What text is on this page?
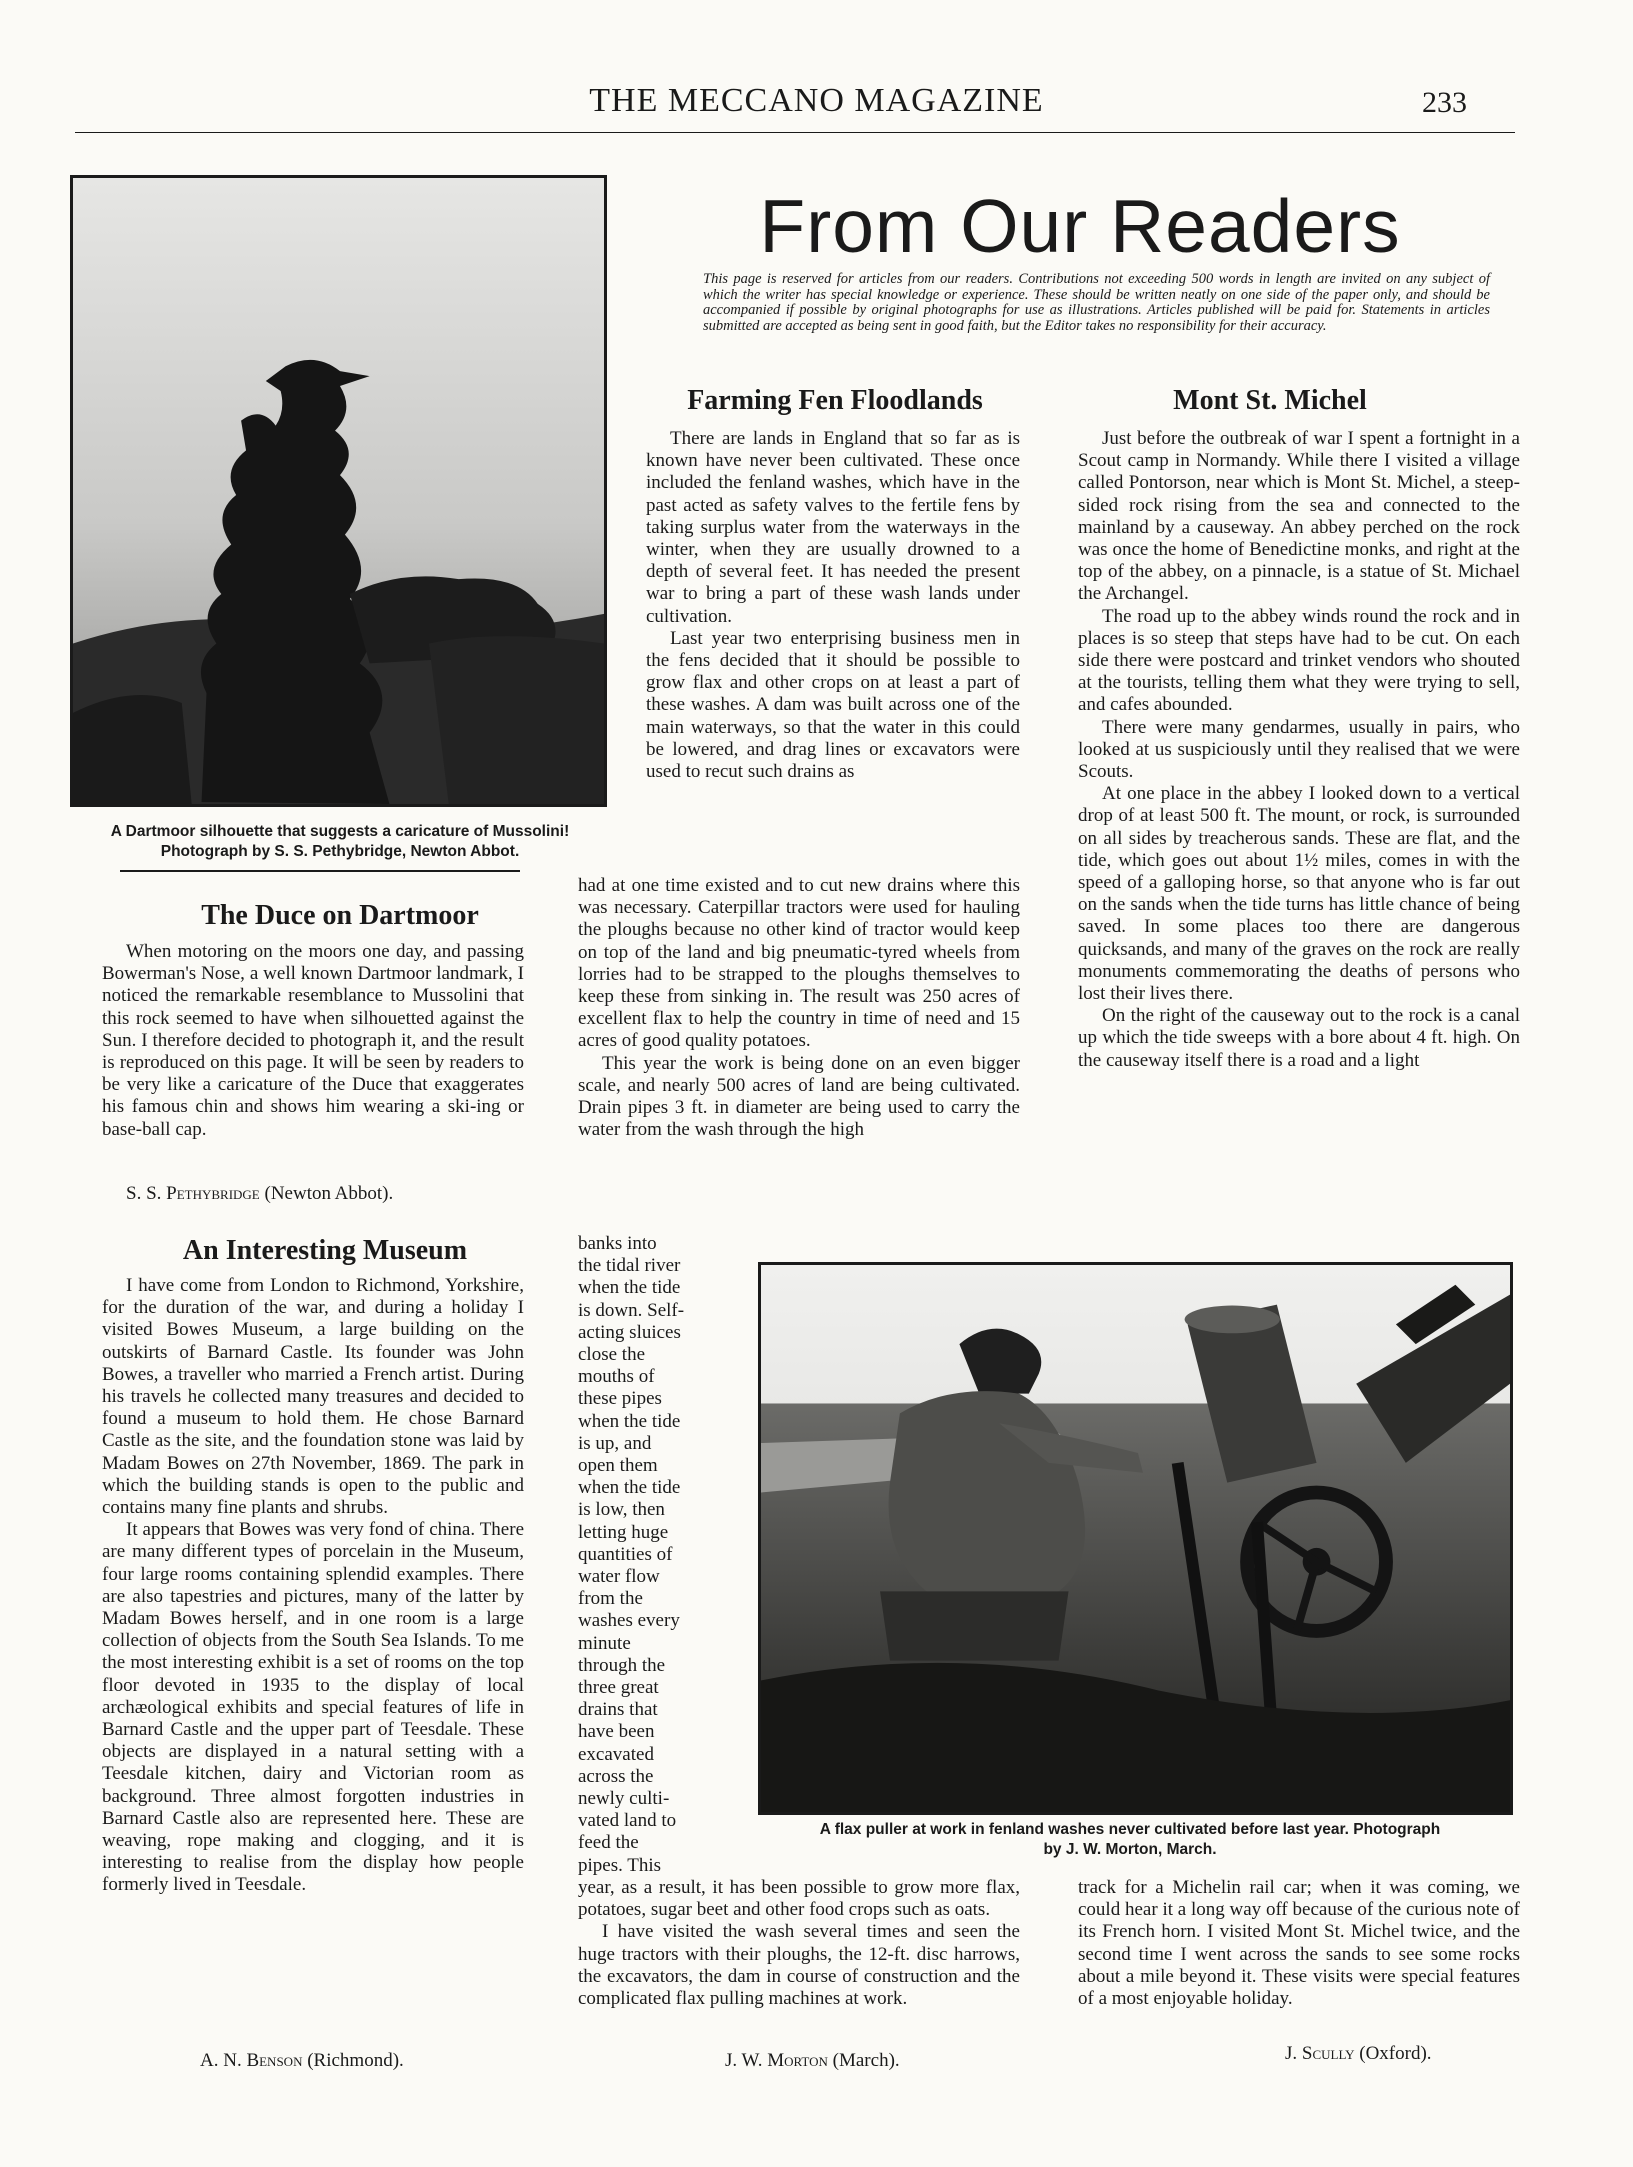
THE MECCANO MAGAZINE	233
A Dartmoor silhouette that suggests a caricature of Mussolini!
Photograph by S. S. Pethybridge, Newton Abbot.
From Our Readers
This page is reserved for articles from our readers. Contributions not exceeding 500 words in length are invited on any subject of which the writer has special knowledge or experience. These should be written neatly on one side of the paper only, and should be accompanied if possible by original photographs for use as illustrations. Articles published will be paid for. Statements in articles submitted are accepted as being sent in good faith, but the Editor takes no responsibility for their accuracy.
The Duce on Dartmoor

When motoring on the moors one day, and passing Bowerman's Nose, a well known Dartmoor landmark, I noticed the remarkable resemblance to Mussolini that this rock seemed to have when silhouetted against the Sun. I therefore decided to photograph it, and the result is reproduced on this page. It will be seen by readers to be very like a caricature of the Duce that exaggerates his famous chin and shows him wearing a ski-ing or base-ball cap.

S. S. Pethybridge (Newton Abbot).
An Interesting Museum

I have come from London to Richmond, Yorkshire, for the duration of the war, and during a holiday I visited Bowes Museum, a large building on the outskirts of Barnard Castle. Its founder was John Bowes, a traveller who married a French artist. During his travels he collected many treasures and decided to found a museum to hold them. He chose Barnard Castle as the site, and the foundation stone was laid by Madam Bowes on 27th November, 1869. The park in which the building stands is open to the public and contains many fine plants and shrubs.

It appears that Bowes was very fond of china. There are many different types of porcelain in the Museum, four large rooms containing splendid examples. There are also tapestries and pictures, many of the latter by Madam Bowes herself, and in one room is a large collection of objects from the South Sea Islands. To me the most interesting exhibit is a set of rooms on the top floor devoted in 1935 to the display of local archæological exhibits and special features of life in Barnard Castle and the upper part of Teesdale. These objects are displayed in a natural setting with a Teesdale kitchen, dairy and Victorian room as background. Three almost forgotten industries in Barnard Castle also are represented here. These are weaving, rope making and clogging, and it is interesting to realise from the display how people formerly lived in Teesdale.

A. N. Benson (Richmond).
Farming Fen Floodlands

There are lands in England that so far as is known have never been cultivated. These once included the fenland washes, which have in the past acted as safety valves to the fertile fens by taking surplus water from the waterways in the winter, when they are usually drowned to a depth of several feet. It has needed the present war to bring a part of these wash lands under cultivation.

Last year two enterprising business men in the fens decided that it should be possible to grow flax and other crops on at least a part of these washes. A dam was built across one of the main waterways, so that the water in this could be lowered, and drag lines or excavators were used to recut such drains as

had at one time existed and to cut new drains where this was necessary. Caterpillar tractors were used for hauling the ploughs because no other kind of tractor would keep on top of the land and big pneumatic-tyred wheels from lorries had to be strapped to the ploughs themselves to keep these from sinking in. The result was 250 acres of excellent flax to help the country in time of need and 15 acres of good quality potatoes.

This year the work is being done on an even bigger scale, and nearly 500 acres of land are being cultivated. Drain pipes 3 ft. in diameter are being used to carry the water from the wash through the high

banks into
the tidal river
when the tide
is down. Self-
acting sluices
close the
mouths of
these pipes
when the tide
is up, and
open them
when the tide
is low, then
letting huge
quantities of
water flow
from the
washes every
minute
through the
three great
drains that
have been
excavated
across the
newly culti-
vated land to
feed the
pipes. This

year, as a result, it has been possible to grow more flax, potatoes, sugar beet and other food crops such as oats.

I have visited the wash several times and seen the huge tractors with their ploughs, the 12-ft. disc harrows, the excavators, the dam in course of construction and the complicated flax pulling machines at work.

J. W. Morton (March).
Mont St. Michel

Just before the outbreak of war I spent a fortnight in a Scout camp in Normandy. While there I visited a village called Pontorson, near which is Mont St. Michel, a steep-sided rock rising from the sea and connected to the mainland by a causeway. An abbey perched on the rock was once the home of Benedictine monks, and right at the top of the abbey, on a pinnacle, is a statue of St. Michael the Archangel.

The road up to the abbey winds round the rock and in places is so steep that steps have had to be cut. On each side there were postcard and trinket vendors who shouted at the tourists, telling them what they were trying to sell, and cafes abounded.

There were many gendarmes, usually in pairs, who looked at us suspiciously until they realised that we were Scouts.

At one place in the abbey I looked down to a vertical drop of at least 500 ft. The mount, or rock, is surrounded on all sides by treacherous sands. These are flat, and the tide, which goes out about 1½ miles, comes in with the speed of a galloping horse, so that anyone who is far out on the sands when the tide turns has little chance of being saved. In some places too there are dangerous quicksands, and many of the graves on the rock are really monuments commemorating the deaths of persons who lost their lives there.

On the right of the causeway out to the rock is a canal up which the tide sweeps with a bore about 4 ft. high. On the causeway itself there is a road and a light

track for a Michelin rail car; when it was coming, we could hear it a long way off because of the curious note of its French horn. I visited Mont St. Michel twice, and the second time I went across the sands to see some rocks about a mile beyond it. These visits were special features of a most enjoyable holiday.

J. Scully (Oxford).
A flax puller at work in fenland washes never cultivated before last year. Photograph
by J. W. Morton, March.
